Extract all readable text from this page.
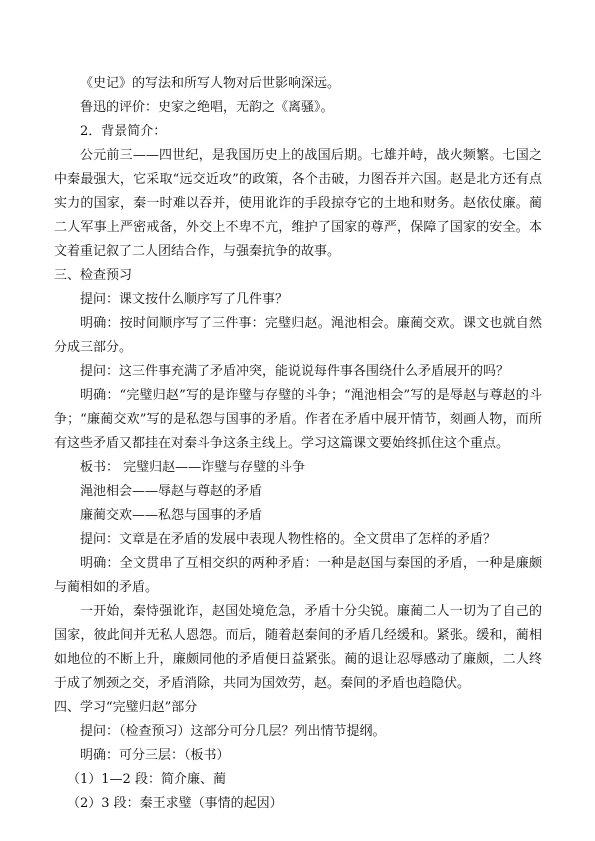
《史记》的写法和所写人物对后世影响深远。

鲁迅的评价：史家之绝唱，无韵之《离骚》。

2．背景简介：

公元前三——四世纪，是我国历史上的战国后期。七雄并峙，战火频繁。七国之中秦最强大，它采取“远交近攻”的政策，各个击破，力图吞并六国。赵是北方还有点实力的国家，秦一时难以吞并，使用讹诈的手段掠夺它的土地和财务。赵依仗廉。蔺二人军事上严密戒备，外交上不卑不亢，维护了国家的尊严，保障了国家的安全。本文着重记叙了二人团结合作，与强秦抗争的故事。

三、检查预习

提问：课文按什么顺序写了几件事？

明确：按时间顺序写了三件事：完璧归赵。渑池相会。廉蔺交欢。课文也就自然分成三部分。

提问：这三件事充满了矛盾冲突，能说说每件事各围绕什么矛盾展开的吗？

明确：“完璧归赵”写的是诈璧与存璧的斗争；“渑池相会”写的是辱赵与尊赵的斗争；“廉蔺交欢”写的是私怨与国事的矛盾。作者在矛盾中展开情节，刻画人物，而所有这些矛盾又都挂在对秦斗争这条主线上。学习这篇课文要始终抓住这个重点。

板书： 完璧归赵——诈璧与存璧的斗争

渑池相会——辱赵与尊赵的矛盾

廉蔺交欢——私怨与国事的矛盾

提问：文章是在矛盾的发展中表现人物性格的。全文贯串了怎样的矛盾？

明确：全文贯串了互相交织的两种矛盾：一种是赵国与秦国的矛盾，一种是廉颇与蔺相如的矛盾。

一开始，秦恃强讹诈，赵国处境危急，矛盾十分尖锐。廉蔺二人一切为了自己的国家，彼此间并无私人恩怨。而后，随着赵秦间的矛盾几经缓和。紧张。缓和，蔺相如地位的不断上升，廉颇同他的矛盾便日益紧张。蔺的退让忍辱感动了廉颇，二人终于成了刎颈之交，矛盾消除，共同为国效劳，赵。秦间的矛盾也趋隐伏。

四、学习“完璧归赵”部分

提问：（检查预习）这部分可分几层？列出情节提纲。

明确：可分三层：（板书）

（1）1—2 段：简介廉、蔺

（2）3 段：秦王求璧（事情的起因）
